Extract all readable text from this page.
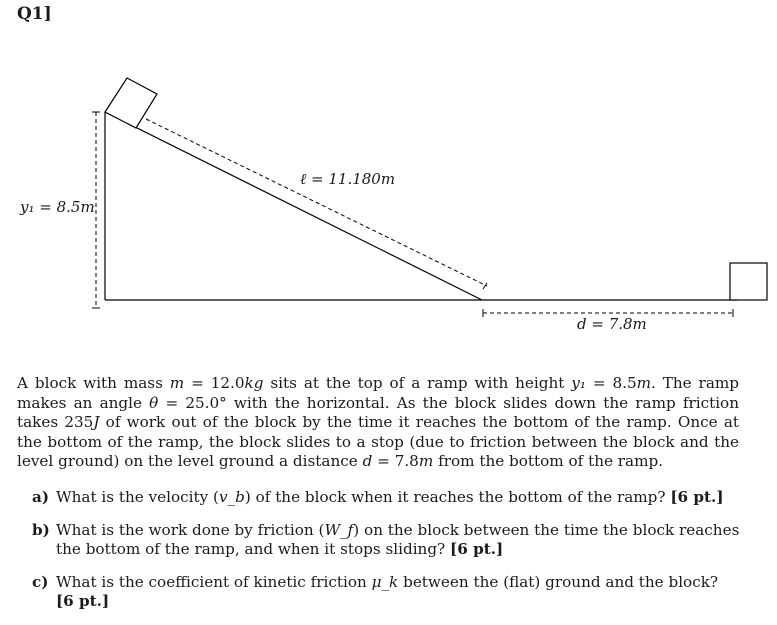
Q1]
y₁ = 8.5m
ℓ = 11.180m
d = 7.8m
A block with mass m = 12.0kg sits at the top of a ramp with height y₁ = 8.5m. The ramp makes an angle θ = 25.0° with the horizontal. As the block slides down the ramp friction takes 235J of work out of the block by the time it reaches the bottom of the ramp. Once at the bottom of the ramp, the block slides to a stop (due to friction between the block and the level ground) on the level ground a distance d = 7.8m from the bottom of the ramp.
a) What is the velocity (v_b) of the block when it reaches the bottom of the ramp? [6 pt.]
b) What is the work done by friction (W_f) on the block between the time the block reaches the bottom of the ramp, and when it stops sliding? [6 pt.]
c) What is the coefficient of kinetic friction μ_k between the (flat) ground and the block? [6 pt.]
